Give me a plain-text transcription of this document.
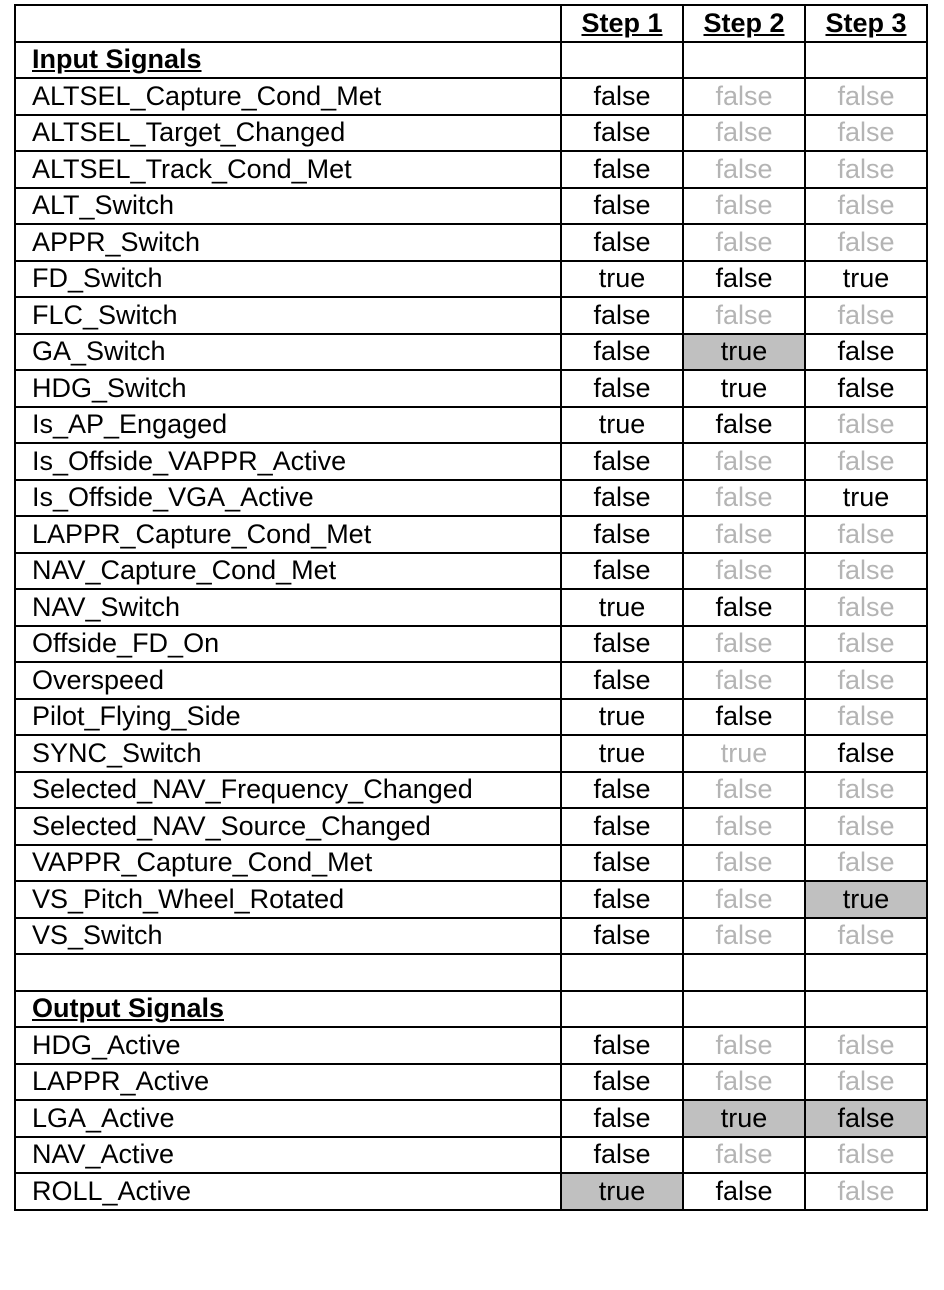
	Step 1	Step 2	Step 3
Input Signals			
ALTSEL_Capture_Cond_Met	false	false	false
ALTSEL_Target_Changed	false	false	false
ALTSEL_Track_Cond_Met	false	false	false
ALT_Switch	false	false	false
APPR_Switch	false	false	false
FD_Switch	true	false	true
FLC_Switch	false	false	false
GA_Switch	false	true	false
HDG_Switch	false	true	false
Is_AP_Engaged	true	false	false
Is_Offside_VAPPR_Active	false	false	false
Is_Offside_VGA_Active	false	false	true
LAPPR_Capture_Cond_Met	false	false	false
NAV_Capture_Cond_Met	false	false	false
NAV_Switch	true	false	false
Offside_FD_On	false	false	false
Overspeed	false	false	false
Pilot_Flying_Side	true	false	false
SYNC_Switch	true	true	false
Selected_NAV_Frequency_Changed	false	false	false
Selected_NAV_Source_Changed	false	false	false
VAPPR_Capture_Cond_Met	false	false	false
VS_Pitch_Wheel_Rotated	false	false	true
VS_Switch	false	false	false

Output Signals			
HDG_Active	false	false	false
LAPPR_Active	false	false	false
LGA_Active	false	true	false
NAV_Active	false	false	false
ROLL_Active	true	false	false
